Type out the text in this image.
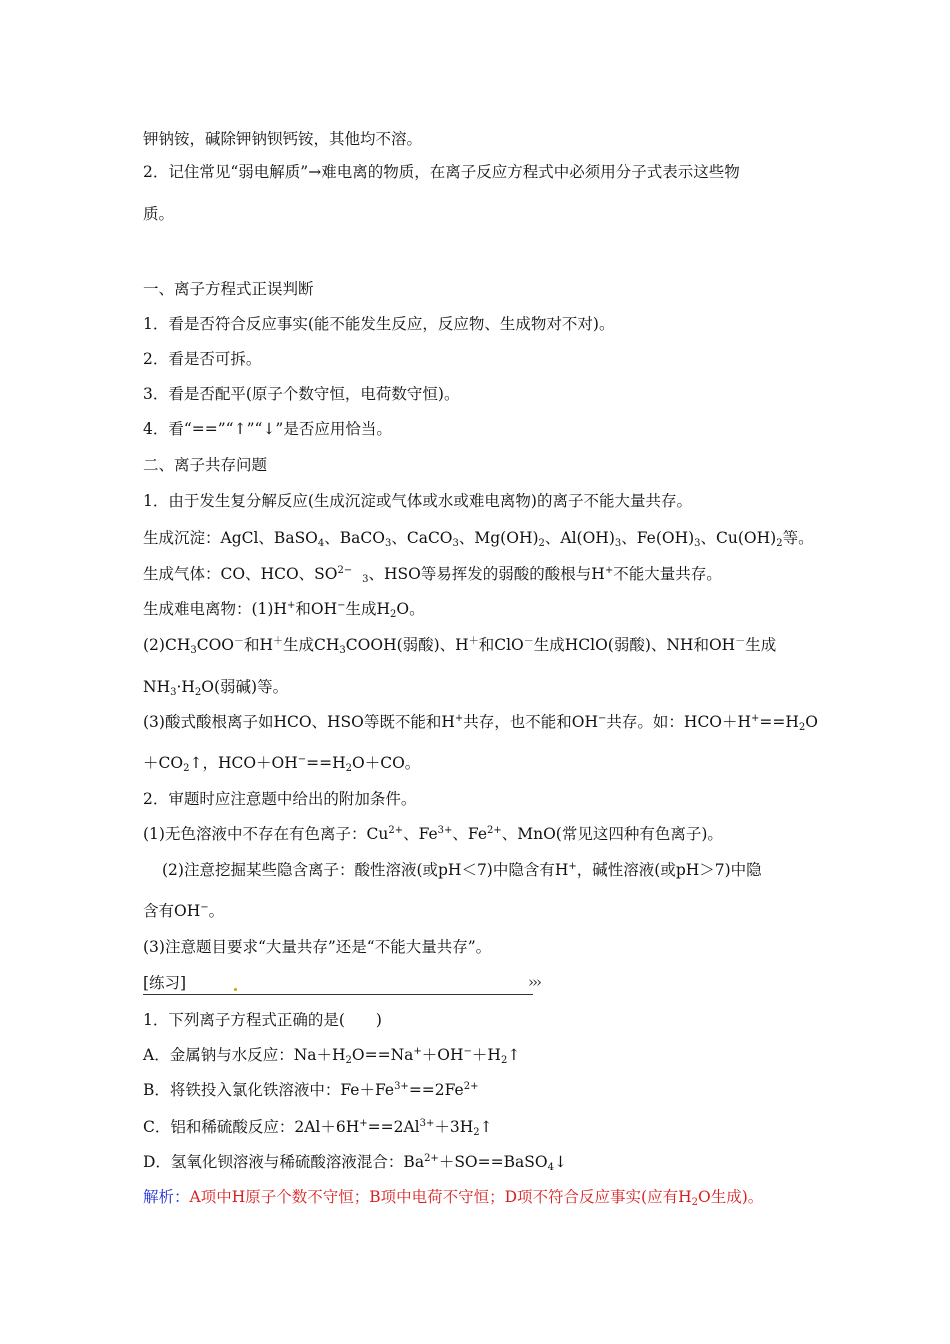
钾钠铵，碱除钾钠钡钙铵，其他均不溶。
2．记住常见“弱电解质”→难电离的物质，在离子反应方程式中必须用分子式表示这些物
质。
一、离子方程式正误判断
1．看是否符合反应事实(能不能发生反应，反应物、生成物对不对)。
2．看是否可拆。
3．看是否配平(原子个数守恒，电荷数守恒)。
4．看“==”“↑”“↓”是否应用恰当。
二、离子共存问题
1．由于发生复分解反应(生成沉淀或气体或水或难电离物)的离子不能大量共存。
生成沉淀：AgCl、BaSO$_4$、BaCO$_3$、CaCO$_3$、$Mg(OH)_2$、$Al(OH)_3$、$Fe(OH)_3$、$Cu(OH)_2$等。
生成气体：CO、HCO、$SO^{2-}$  $_3$、HSO等易挥发的弱酸的酸根与H+不能大量共存。
生成难电离物：(1)H+和OH−生成$H_2O$。
$(2)CH_3COO^-$和H＋生成$CH_3COOH$(弱酸)、H＋和ClO－生成HClO(弱酸)、NH和OH－生成
$NH_3\cdot H_2O$(弱碱)等。
(3)酸式酸根离子如HCO、HSO等既不能和H+共存，也不能和OH−共存。如：$HCO+H^+==H_2O$
$+CO_2↑$，$HCO+OH^-==H_2O+CO$。
2．审题时应注意题中给出的附加条件。
(1)无色溶液中不存在有色离子：$Cu^{2+}$、$Fe^{3+}$、$Fe^{2+}$、MnO(常见这四种有色离子)。
(2)注意挖掘某些隐含离子：酸性溶液(或pH＜7)中隐含有H+，碱性溶液(或pH＞7)中隐
含有OH−。
(3)注意题目要求“大量共存”还是“不能大量共存”。
[练习]	›››
1．下列离子方程式正确的是(　　)
A．金属钠与水反应：$Na+H_2O==Na^++OH^-+H_2↑$
B．将铁投入氯化铁溶液中：$Fe+Fe^{3+}==2Fe^{2+}$
C．铝和稀硫酸反应：$2Al+6H^+==2Al^{3+}+3H_2↑$
D．氢氧化钡溶液与稀硫酸溶液混合：$Ba^{2+}+SO==BaSO_4↓$
解析：A项中H原子个数不守恒；B项中电荷不守恒；D项不符合反应事实(应有$H_2O$生成)。
